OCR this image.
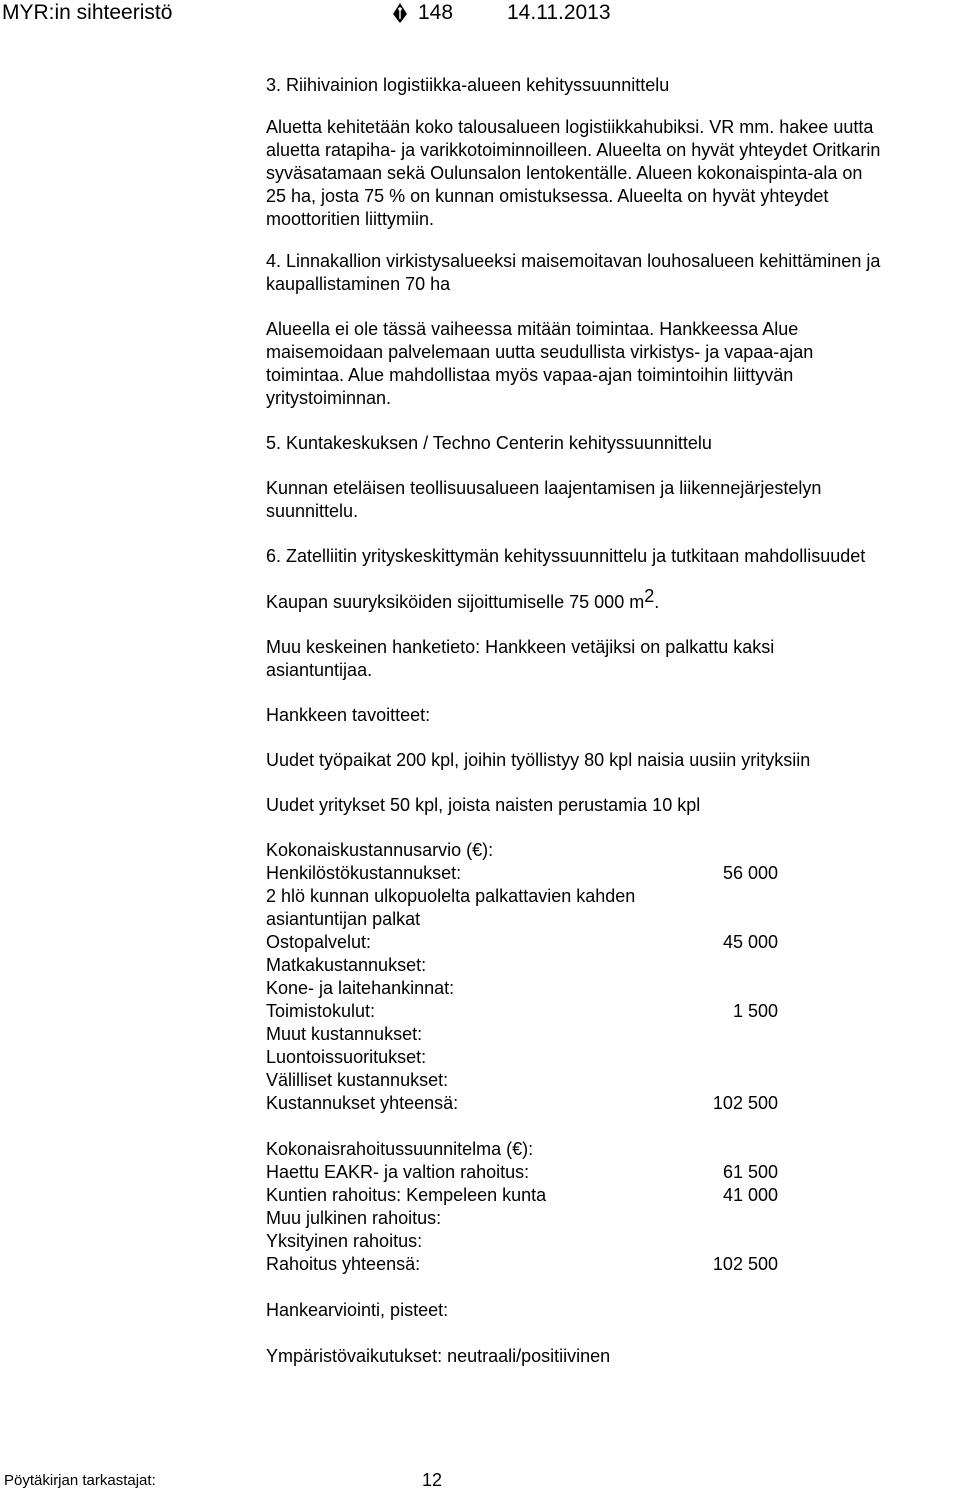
MYR:in sihteeristö	148	14.11.2013

3. Riihivainion logistiikka-alueen kehityssuunnittelu

Aluetta kehitetään koko talousalueen logistiikkahubiksi. VR mm. hakee uutta

aluetta ratapiha- ja varikkotoiminnoilleen. Alueelta on hyvät yhteydet Oritkarin

syväsatamaan sekä Oulunsalon lentokentälle. Alueen kokonaispinta-ala on

25 ha, josta 75 % on kunnan omistuksessa. Alueelta on hyvät yhteydet

moottoritien liittymiin.

4. Linnakallion virkistysalueeksi maisemoitavan louhosalueen kehittäminen ja

kaupallistaminen 70 ha

Alueella ei ole tässä vaiheessa mitään toimintaa. Hankkeessa Alue

maisemoidaan palvelemaan uutta seudullista virkistys- ja vapaa-ajan

toimintaa. Alue mahdollistaa myös vapaa-ajan toimintoihin liittyvän

yritystoiminnan.

5. Kuntakeskuksen / Techno Centerin kehityssuunnittelu

Kunnan eteläisen teollisuusalueen laajentamisen ja liikennejärjestelyn

suunnittelu.

6. Zatelliitin yrityskeskittymän kehityssuunnittelu ja tutkitaan mahdollisuudet

Kaupan suuryksiköiden sijoittumiselle 75 000 $m^2$.

Muu keskeinen hanketieto: Hankkeen vetäjiksi on palkattu kaksi

asiantuntijaa.

Hankkeen tavoitteet:

Uudet työpaikat 200 kpl, joihin työllistyy 80 kpl naisia uusiin yrityksiin

Uudet yritykset 50 kpl, joista naisten perustamia 10 kpl

Kokonaiskustannusarvio (€):

Henkilöstökustannukset:	56 000
2 hlö kunnan ulkopuolelta palkattavien kahden
asiantuntijan palkat
Ostopalvelut:	45 000
Matkakustannukset:
Kone- ja laitehankinnat:
Toimistokulut:	1 500
Muut kustannukset:
Luontoissuoritukset:
Välilliset kustannukset:
Kustannukset yhteensä:	102 500

Kokonaisrahoitussuunnitelma (€):

Haettu EAKR- ja valtion rahoitus:	61 500
Kuntien rahoitus: Kempeleen kunta	41 000
Muu julkinen rahoitus:
Yksityinen rahoitus:
Rahoitus yhteensä:	102 500

Hankearviointi, pisteet:

Ympäristövaikutukset: neutraali/positiivinen

Pöytäkirjan tarkastajat:	12
